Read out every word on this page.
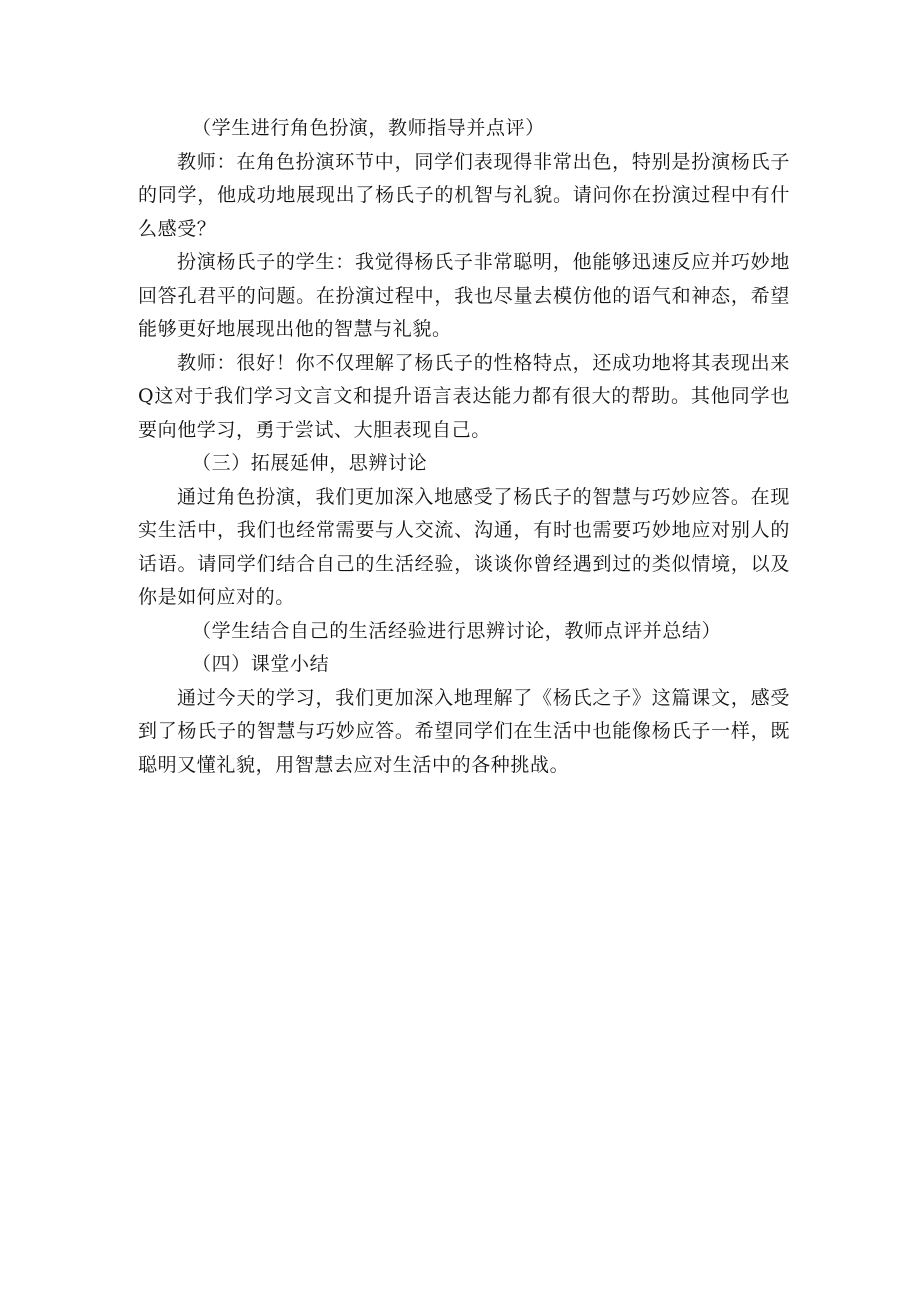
（学生进行角色扮演，教师指导并点评）

教师：在角色扮演环节中，同学们表现得非常出色，特别是扮演杨氏子的同学，他成功地展现出了杨氏子的机智与礼貌。请问你在扮演过程中有什么感受？

扮演杨氏子的学生：我觉得杨氏子非常聪明，他能够迅速反应并巧妙地回答孔君平的问题。在扮演过程中，我也尽量去模仿他的语气和神态，希望能够更好地展现出他的智慧与礼貌。

教师：很好！你不仅理解了杨氏子的性格特点，还成功地将其表现出来Q这对于我们学习文言文和提升语言表达能力都有很大的帮助。其他同学也要向他学习，勇于尝试、大胆表现自己。

（三）拓展延伸，思辨讨论

通过角色扮演，我们更加深入地感受了杨氏子的智慧与巧妙应答。在现实生活中，我们也经常需要与人交流、沟通，有时也需要巧妙地应对别人的话语。请同学们结合自己的生活经验，谈谈你曾经遇到过的类似情境，以及你是如何应对的。

（学生结合自己的生活经验进行思辨讨论，教师点评并总结）

（四）课堂小结

通过今天的学习，我们更加深入地理解了《杨氏之子》这篇课文，感受到了杨氏子的智慧与巧妙应答。希望同学们在生活中也能像杨氏子一样，既聪明又懂礼貌，用智慧去应对生活中的各种挑战。
